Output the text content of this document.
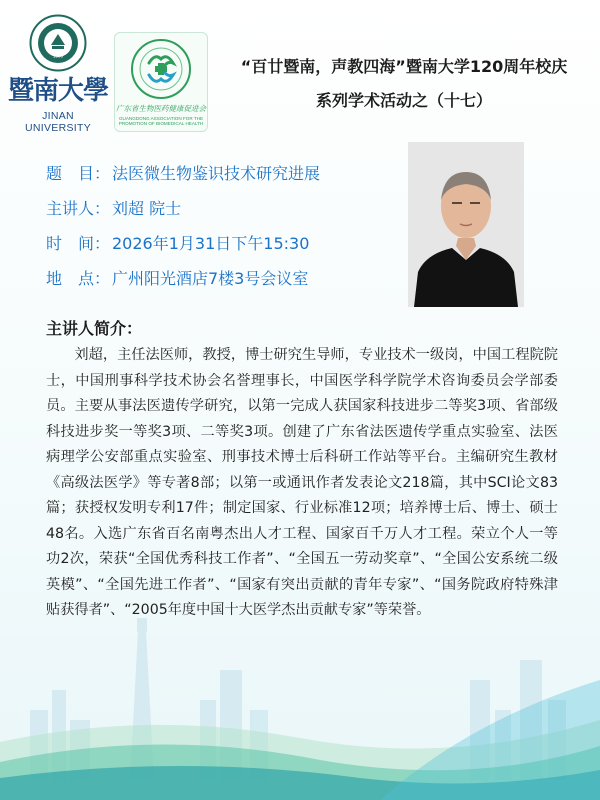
1906
暨南大學
JINAN UNIVERSITY
广东省生物医药健康促进会
GUANGDONG ASSOCIATION FOR THE PROMOTION OF BIOMEDICAL HEALTH
“百廿暨南，声教四海”暨南大学120周年校庆
系列学术活动之（十七）
题　目： 法医微生物鉴识技术研究进展
主讲人： 刘超 院士
时　间： 2026年1月31日下午15:30
地　点： 广州阳光酒店7楼3号会议室
主讲人简介：
刘超，主任法医师，教授，博士研究生导师，专业技术一级岗，中国工程院院士，中国刑事科学技术协会名誉理事长，中国医学科学院学术咨询委员会学部委员。主要从事法医遗传学研究，以第一完成人获国家科技进步二等奖3项、省部级科技进步奖一等奖3项、二等奖3项。创建了广东省法医遗传学重点实验室、法医病理学公安部重点实验室、刑事技术博士后科研工作站等平台。主编研究生教材《高级法医学》等专著8部；以第一或通讯作者发表论文218篇，其中SCI论文83篇；获授权发明专利17件；制定国家、行业标准12项；培养博士后、博士、硕士48名。入选广东省百名南粤杰出人才工程、国家百千万人才工程。荣立个人一等功2次，荣获“全国优秀科技工作者”、“全国五一劳动奖章”、“全国公安系统二级英模”、“全国先进工作者”、“国家有突出贡献的青年专家”、“国务院政府特殊津贴获得者”、“2005年度中国十大医学杰出贡献专家”等荣誉。
